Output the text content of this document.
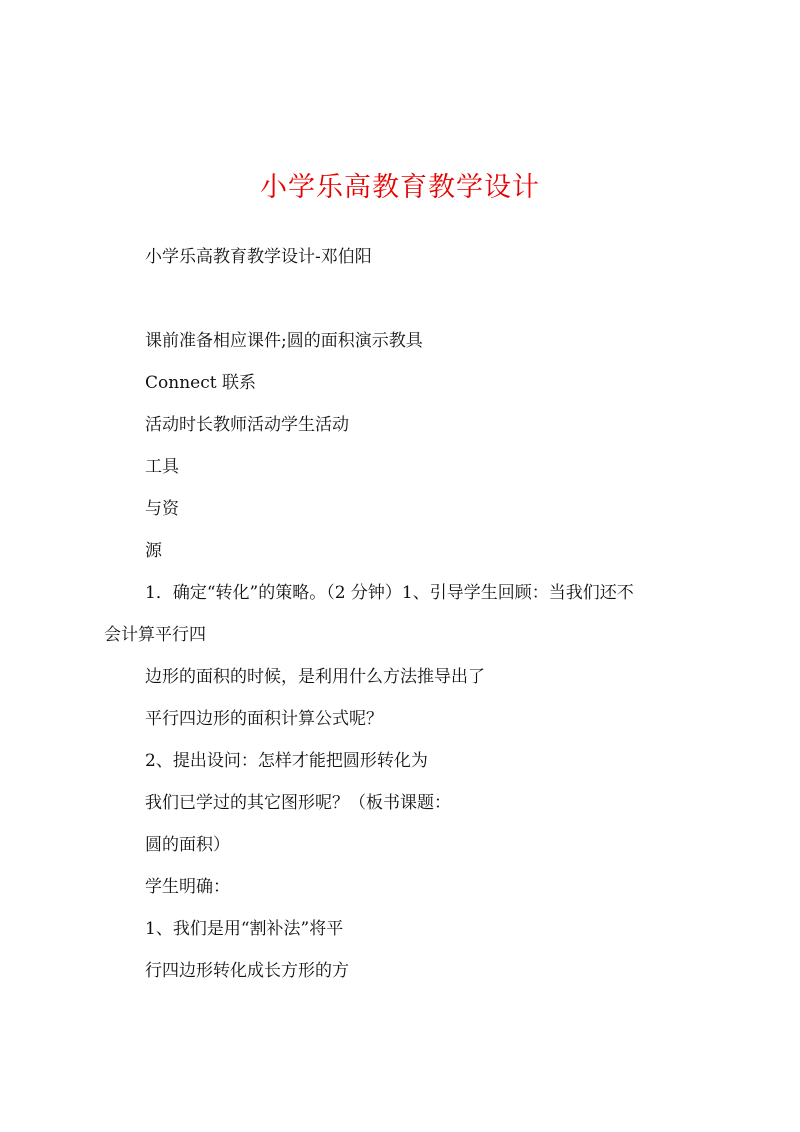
小学乐高教育教学设计
小学乐高教育教学设计-邓伯阳
课前准备相应课件;圆的面积演示教具
Connect 联系
活动时长教师活动学生活动
工具
与资
源
1．确定“转化”的策略。（2 分钟）1、引导学生回顾：当我们还不
会计算平行四
边形的面积的时候，是利用什么方法推导出了
平行四边形的面积计算公式呢？
2、提出设问：怎样才能把圆形转化为
我们已学过的其它图形呢？（板书课题：
圆的面积）
学生明确：
1、我们是用“割补法”将平
行四边形转化成长方形的方
